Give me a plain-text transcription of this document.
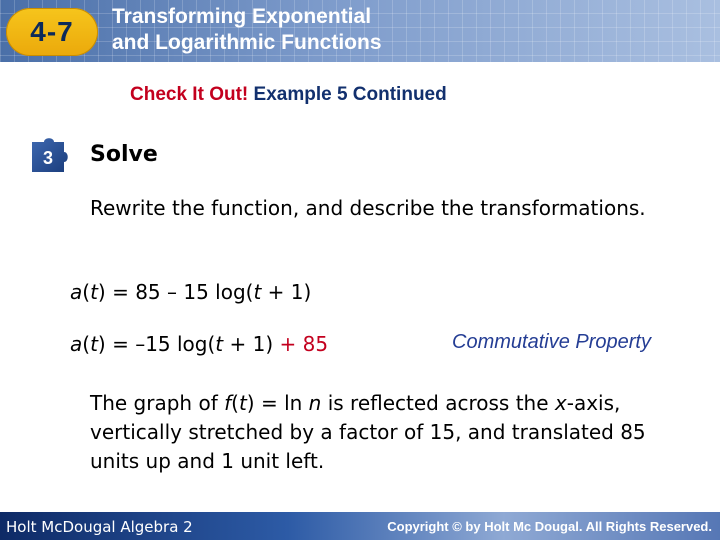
4-7	Transforming Exponential
and Logarithmic Functions
Check It Out! Example 5 Continued
3 Solve
Rewrite the function, and describe the transformations.
a(t) = 85 – 15 log(t + 1)
a(t) = –15 log(t + 1) + 85	Commutative Property
The graph of f(t) = ln n is reflected across the x-axis, vertically stretched by a factor of 15, and translated 85 units up and 1 unit left.
Holt McDougal Algebra 2	Copyright © by Holt Mc Dougal. All Rights Reserved.
